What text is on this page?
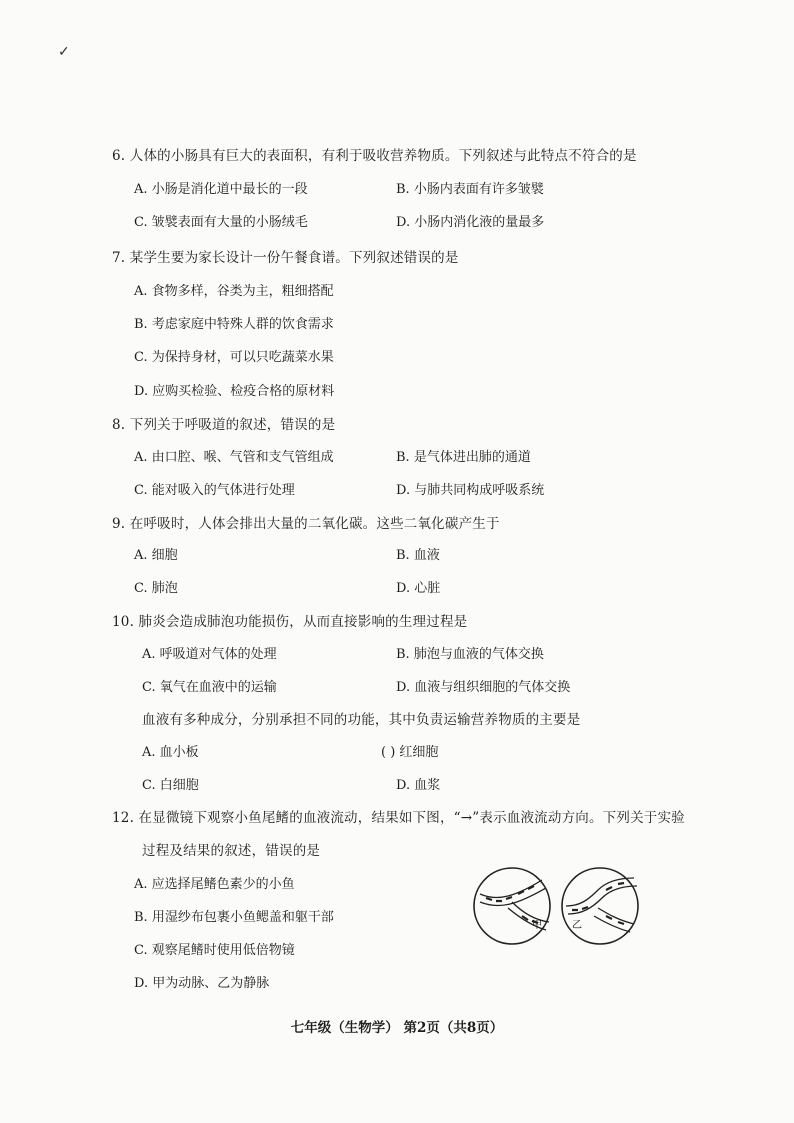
✓
6. 人体的小肠具有巨大的表面积，有利于吸收营养物质。下列叙述与此特点不符合的是
A. 小肠是消化道中最长的一段	B. 小肠内表面有许多皱襞
C. 皱襞表面有大量的小肠绒毛	D. 小肠内消化液的量最多
7. 某学生要为家长设计一份午餐食谱。下列叙述错误的是
A. 食物多样，谷类为主，粗细搭配
B. 考虑家庭中特殊人群的饮食需求
C. 为保持身材，可以只吃蔬菜水果
D. 应购买检验、检疫合格的原材料
8. 下列关于呼吸道的叙述，错误的是
A. 由口腔、喉、气管和支气管组成	B. 是气体进出肺的通道
C. 能对吸入的气体进行处理	D. 与肺共同构成呼吸系统
9. 在呼吸时，人体会排出大量的二氧化碳。这些二氧化碳产生于
A. 细胞	B. 血液
C. 肺泡	D. 心脏
10. 肺炎会造成肺泡功能损伤，从而直接影响的生理过程是
A. 呼吸道对气体的处理	B. 肺泡与血液的气体交换
C. 氧气在血液中的运输	D. 血液与组织细胞的气体交换
血液有多种成分，分别承担不同的功能，其中负责运输营养物质的主要是
A. 血小板	( ) 红细胞
C. 白细胞	D. 血浆
12. 在显微镜下观察小鱼尾鳍的血液流动，结果如下图，“→”表示血液流动方向。下列关于实验
过程及结果的叙述，错误的是
A. 应选择尾鳍色素少的小鱼
B. 用湿纱布包裹小鱼鳃盖和躯干部
C. 观察尾鳍时使用低倍物镜
D. 甲为动脉、乙为静脉
甲	乙
七年级（生物学） 第2页（共8页）
